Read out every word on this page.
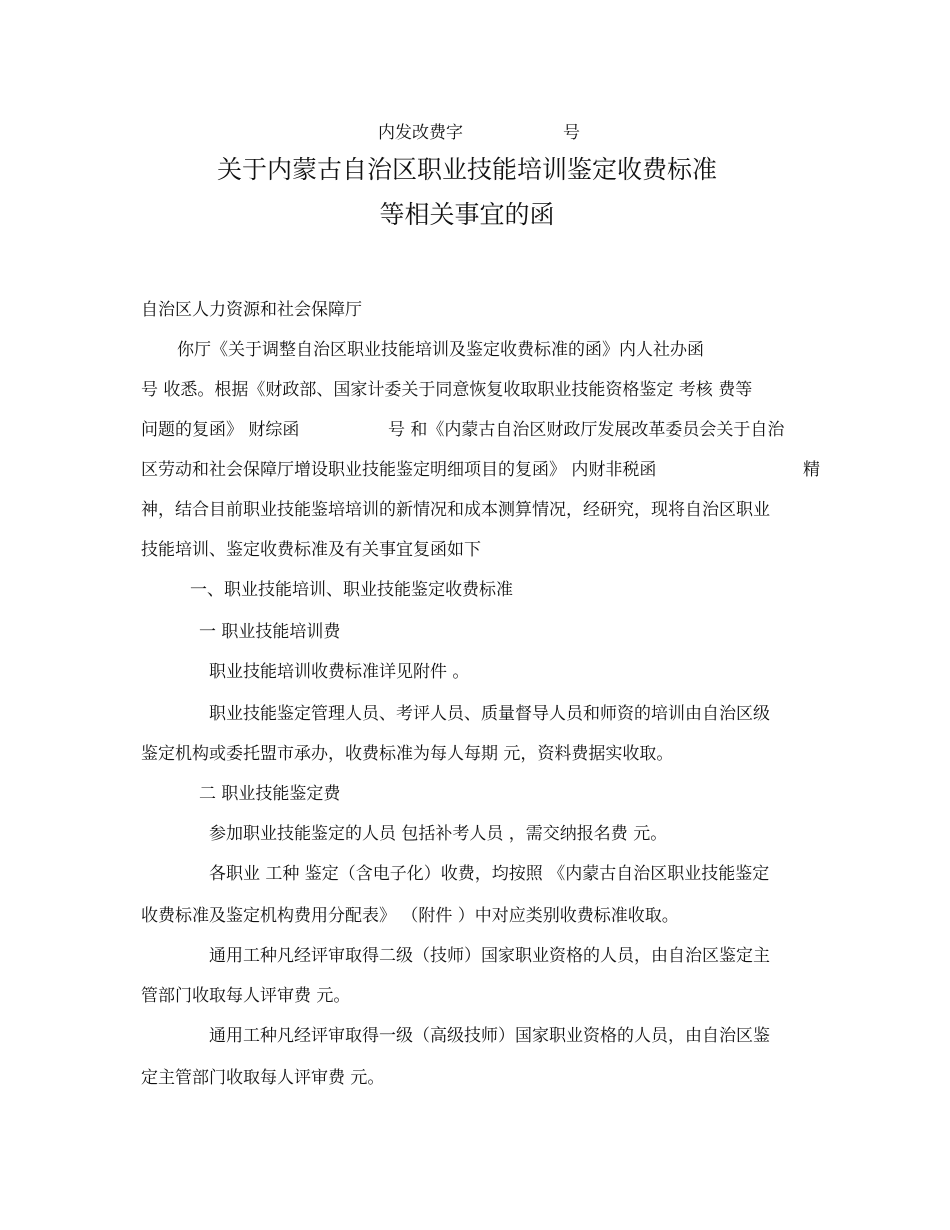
内发改费字	号
关于内蒙古自治区职业技能培训鉴定收费标准
等相关事宜的函
自治区人力资源和社会保障厅
你厅《关于调整自治区职业技能培训及鉴定收费标准的函》内人社办函
号 收悉。根据《财政部、国家计委关于同意恢复收取职业技能资格鉴定 考核 费等
问题的复函》 财综函	号 和《内蒙古自治区财政厅发展改革委员会关于自治
区劳动和社会保障厅增设职业技能鉴定明细项目的复函》 内财非税函	精
神，结合目前职业技能鉴培培训的新情况和成本测算情况，经研究，现将自治区职业
技能培训、鉴定收费标准及有关事宜复函如下
一、职业技能培训、职业技能鉴定收费标准
一 职业技能培训费
职业技能培训收费标准详见附件 。
职业技能鉴定管理人员、考评人员、质量督导人员和师资的培训由自治区级
鉴定机构或委托盟市承办，收费标准为每人每期 元，资料费据实收取。
二 职业技能鉴定费
参加职业技能鉴定的人员 包括补考人员 ，需交纳报名费 元。
各职业 工种 鉴定（含电子化）收费，均按照 《内蒙古自治区职业技能鉴定
收费标准及鉴定机构费用分配表》 （附件 ）中对应类别收费标准收取。
通用工种凡经评审取得二级（技师）国家职业资格的人员，由自治区鉴定主
管部门收取每人评审费 元。
通用工种凡经评审取得一级（高级技师）国家职业资格的人员，由自治区鉴
定主管部门收取每人评审费 元。
